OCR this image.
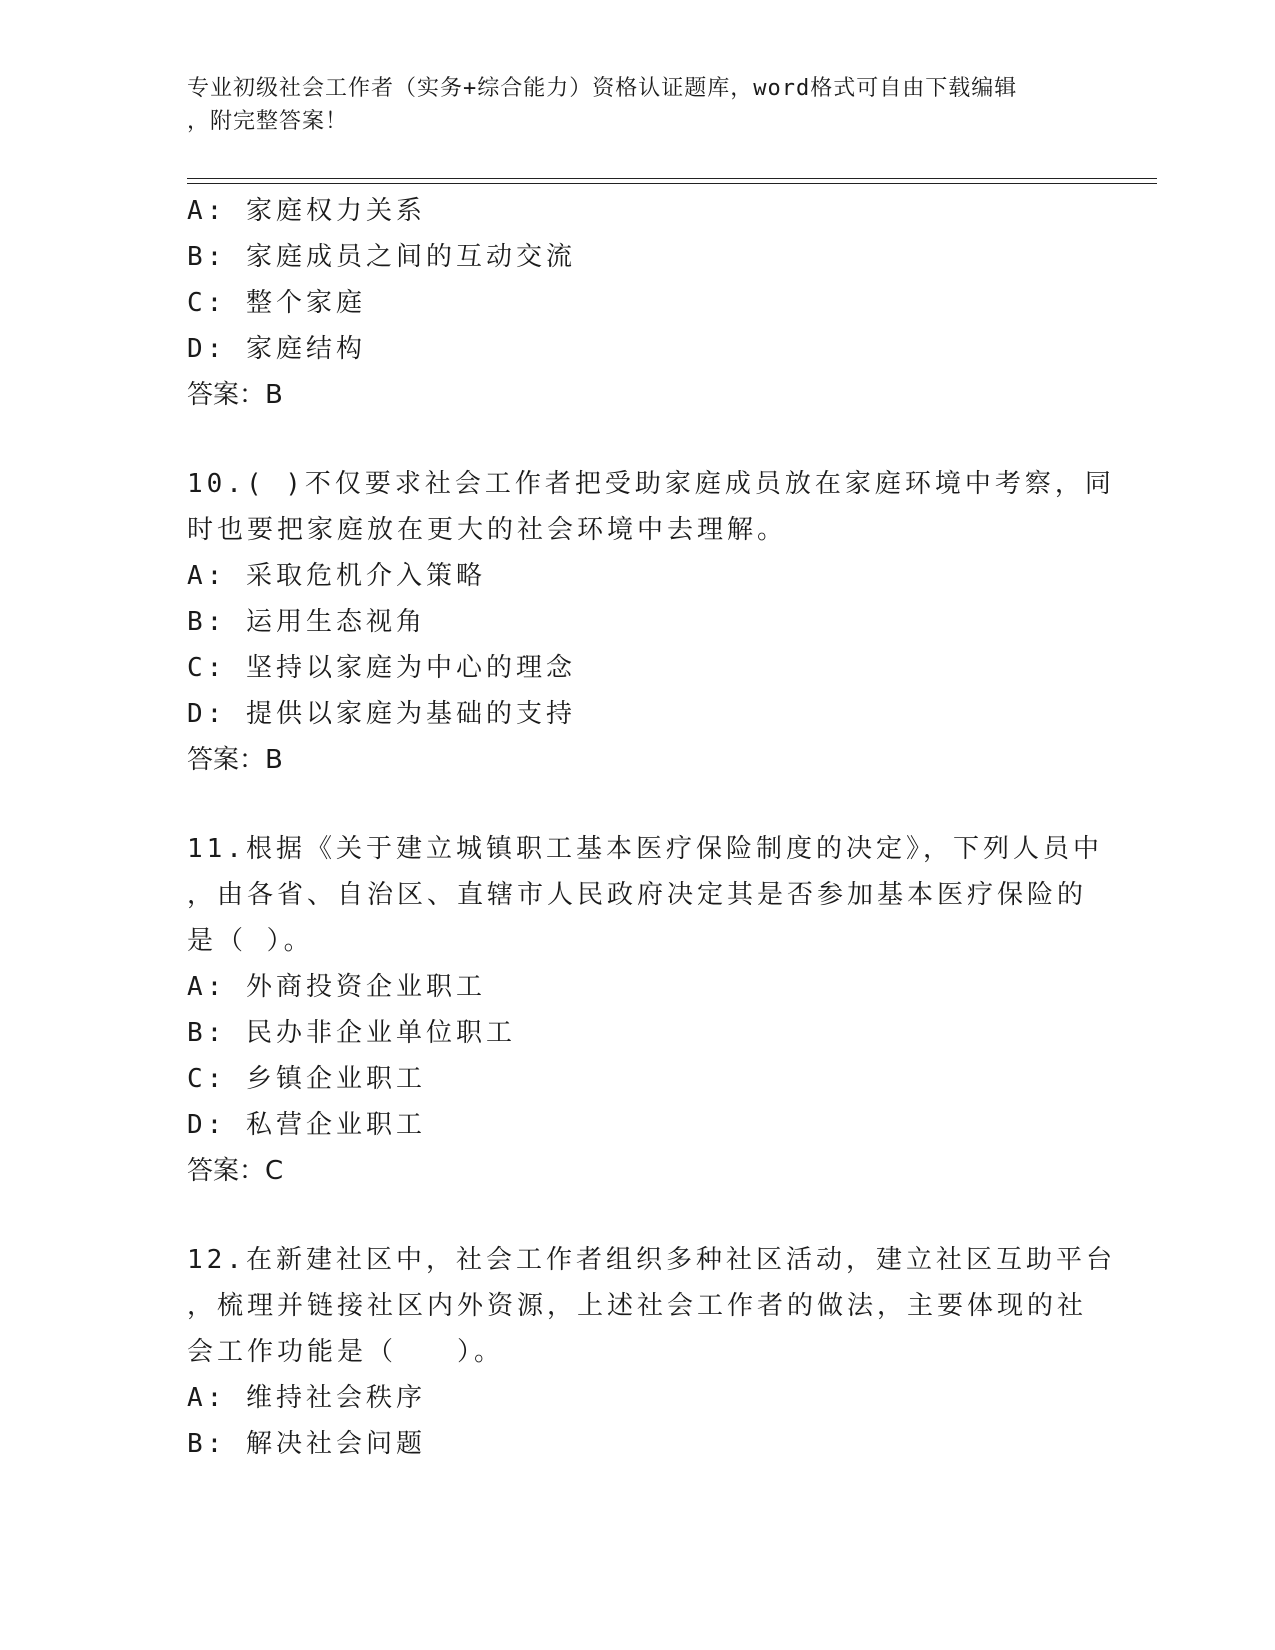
专业初级社会工作者（实务+综合能力）资格认证题库，word格式可自由下载编辑
，附完整答案！
A: 家庭权力关系
B: 家庭成员之间的互动交流
C: 整个家庭
D: 家庭结构
答案：B
10.( )不仅要求社会工作者把受助家庭成员放在家庭环境中考察，同
时也要把家庭放在更大的社会环境中去理解。
A: 采取危机介入策略
B: 运用生态视角
C: 坚持以家庭为中心的理念
D: 提供以家庭为基础的支持
答案：B
11.根据《关于建立城镇职工基本医疗保险制度的决定》，下列人员中
，由各省、自治区、直辖市人民政府决定其是否参加基本医疗保险的
是（ ）。
A: 外商投资企业职工
B: 民办非企业单位职工
C: 乡镇企业职工
D: 私营企业职工
答案：C
12.在新建社区中，社会工作者组织多种社区活动，建立社区互助平台
，梳理并链接社区内外资源，上述社会工作者的做法，主要体现的社
会工作功能是（　　）。
A: 维持社会秩序
B: 解决社会问题
